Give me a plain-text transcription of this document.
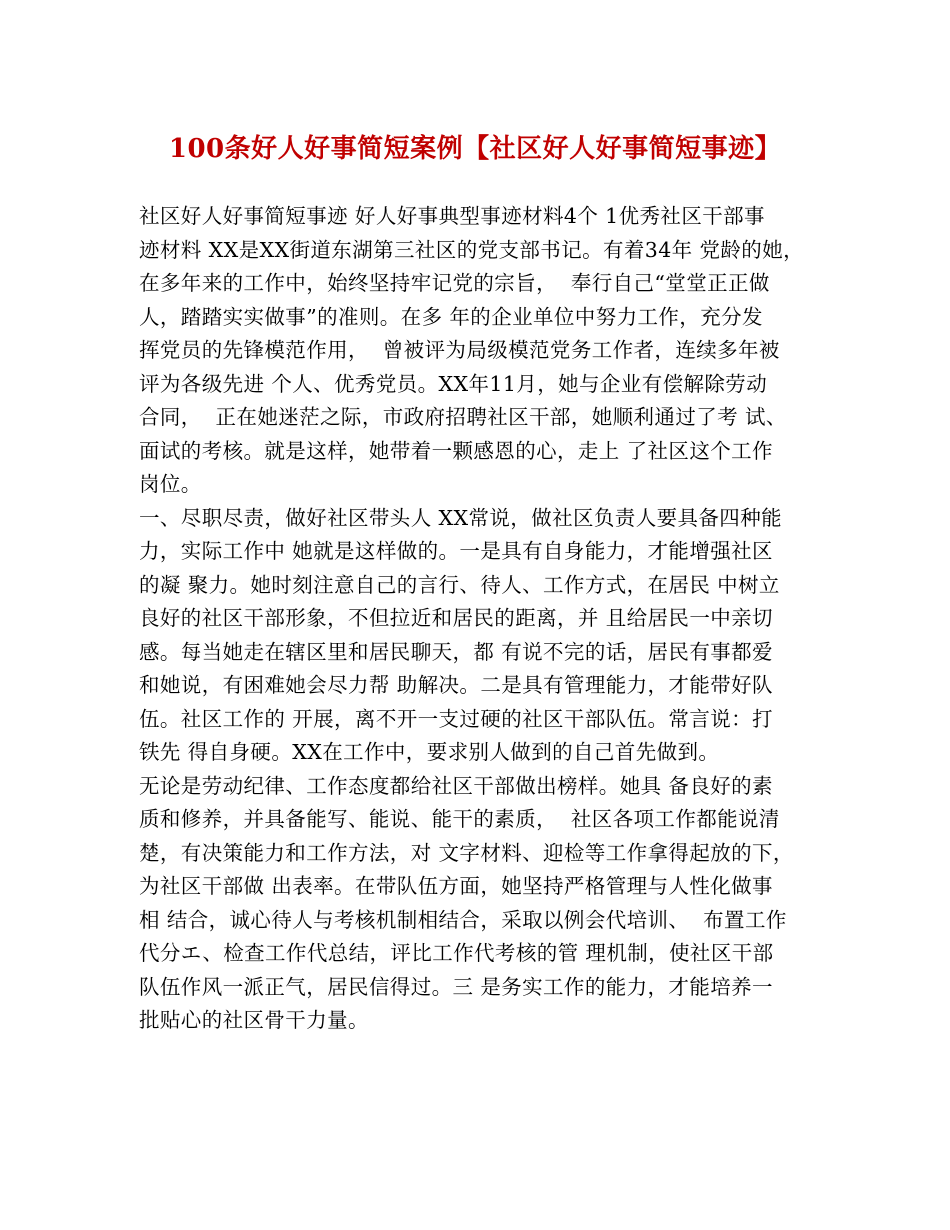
100条好人好事简短案例【社区好人好事简短事迹】

社区好人好事简短事迹 好人好事典型事迹材料4个 1优秀社区干部事

迹材料 XX是XX街道东湖第三社区的党支部书记。有着34年 党龄的她，

在多年来的工作中，始终坚持牢记党的宗旨，  奉行自己“堂堂正正做

人，踏踏实实做事”的准则。在多 年的企业单位中努力工作，充分发

挥党员的先锋模范作用，  曾被评为局级模范党务工作者，连续多年被

评为各级先进 个人、优秀党员。XX年11月，她与企业有偿解除劳动

合同，  正在她迷茫之际，市政府招聘社区干部，她顺利通过了考 试、

面试的考核。就是这样，她带着一颗感恩的心，走上 了社区这个工作

岗位。

一、尽职尽责，做好社区带头人 XX常说，做社区负责人要具备四种能

力，实际工作中 她就是这样做的。一是具有自身能力，才能增强社区

的凝 聚力。她时刻注意自己的言行、待人、工作方式，在居民 中树立

良好的社区干部形象，不但拉近和居民的距离，并 且给居民一中亲切

感。每当她走在辖区里和居民聊天，都 有说不完的话，居民有事都爱

和她说，有困难她会尽力帮 助解决。二是具有管理能力，才能带好队

伍。社区工作的 开展，离不开一支过硬的社区干部队伍。常言说：打

铁先 得自身硬。XX在工作中，要求别人做到的自己首先做到。

无论是劳动纪律、工作态度都给社区干部做出榜样。她具 备良好的素

质和修养，并具备能写、能说、能干的素质，  社区各项工作都能说清

楚，有决策能力和工作方法，对 文字材料、迎检等工作拿得起放的下，

为社区干部做 出表率。在带队伍方面，她坚持严格管理与人性化做事

相 结合，诚心待人与考核机制相结合，采取以例会代培训、  布置工作

代分エ、检查工作代总结，评比工作代考核的管 理机制，使社区干部

队伍作风一派正气，居民信得过。三 是务实工作的能力，才能培养一

批贴心的社区骨干力量。
